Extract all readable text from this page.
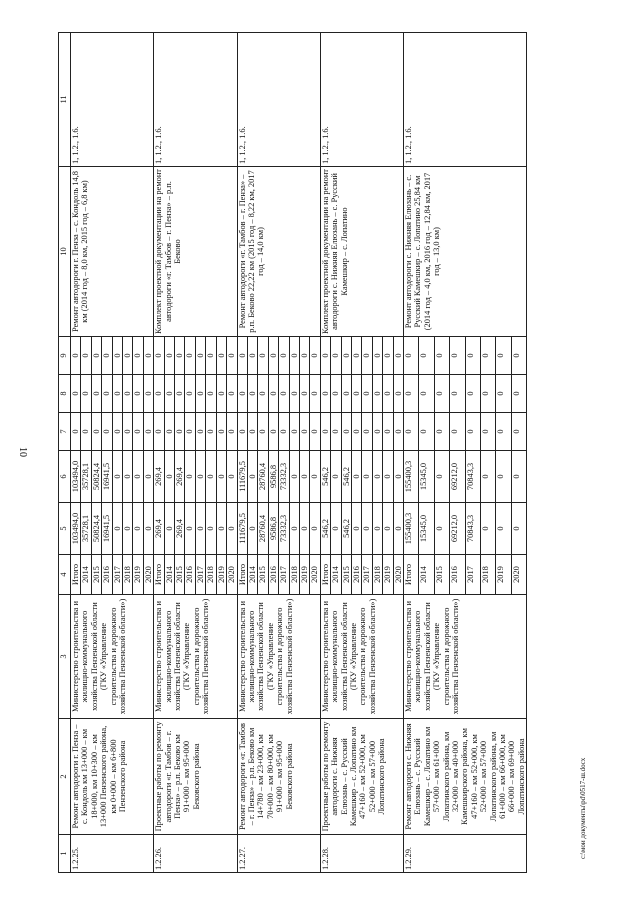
10
1	2	3	4	5	6	7	8	9	10	11
1.2.25.	Ремонт автодороги г. Пенза – с. Кондоль км 13+000 – км 18+000, км 10+300 – км 13+000 Пензенского района, км 0+000 – км 6+800 Пензенского района	Министерство строительства и жилищно-коммунального хозяйства Пензенской области (ГКУ «Управление строительства и дорожного хозяйства Пензенской области»)	Итого	103494,0	103494,0	0	0	0	Ремонт автодороги г. Пенза – с. Кондоль 14,8 км (2014 год – 8,0 км, 2015 год – 6,8 км)	1, 1.2., 1.6.
			2014	35728,1	35728,1	0	0	0		
			2015	50824,4	50824,4	0	0	0		
			2016	16941,5	16941,5	0	0	0		
			2017	0	0	0	0	0		
			2018	0	0	0	0	0		
			2019	0	0	0	0	0		
			2020	0	0	0	0	0		
1.2.26.	Проектные работы по ремонту автодороги «г. Тамбов – г. Пенза» – р.п. Беково км 91+000 – км 95+000 Бековского района	Министерство строительства и жилищно-коммунального хозяйства Пензенской области (ГКУ «Управление строительства и дорожного хозяйства Пензенской области»)	Итого	269,4	269,4	0	0	0	Комплект проектной документации на ремонт автодороги «г. Тамбов – г. Пенза» – р.п. Беково	1, 1.2., 1.6.
			2014	0	0	0	0	0		
			2015	269,4	269,4	0	0	0		
			2016	0	0	0	0	0		
			2017	0	0	0	0	0		
			2018	0	0	0	0	0		
			2019	0	0	0	0	0		
			2020	0	0	0	0	0		
1.2.27.	Ремонт автодороги «г. Тамбов – г. Пенза» – р.п. Беково км 14+780 – км 23+000, км 70+000 – км 80+000, км 91+000 – км 95+000 Бековского района	Министерство строительства и жилищно-коммунального хозяйства Пензенской области (ГКУ «Управление строительства и дорожного хозяйства Пензенской области»)	Итого	111679,5	111679,5	0	0	0	Ремонт автодороги «г. Тамбов – г. Пенза» – р.п. Беково 22,22 км (2015 год – 8,22 км, 2017 год – 14,0 км)	1, 1.2., 1.6.
			2014	0	0	0	0	0		
			2015	28760,4	28760,4	0	0	0		
			2016	9586,8	9586,8	0	0	0		
			2017	73332,3	73332,3	0	0	0		
			2018	0	0	0	0	0		
			2019	0	0	0	0	0		
			2020	0	0	0	0	0		
1.2.28.	Проектные работы по ремонту автодороги с. Нижняя Елюзань – с. Русский Камешкир – с. Лопатино км 47+160 – км 52+000, км 52+000 – км 57+000 Лопатинского района	Министерство строительства и жилищно-коммунального хозяйства Пензенской области (ГКУ «Управление строительства и дорожного хозяйства Пензенской области»)	Итого	546,2	546,2	0	0	0	Комплект проектной документации на ремонт автодороги с. Нижняя Елюзань – с. Русский Камешкир – с. Лопатино	1, 1.2., 1.6.
			2014	0	0	0	0	0		
			2015	546,2	546,2	0	0	0		
			2016	0	0	0	0	0		
			2017	0	0	0	0	0		
			2018	0	0	0	0	0		
			2019	0	0	0	0	0		
			2020	0	0	0	0	0		
1.2.29.	Ремонт автодороги с. Нижняя Елюзань – с. Русский Камешкир – с. Лопатино км 57+000 – км 61+000 Лопатинского района, км 32+000 – км 40+000 Камешкирского района, км 47+160 – км 52+000, км 52+000 – км 57+000 Лопатинского района, км 61+000 – км 66+000, км 66+000 – км 69+000 Лопатинского района	Министерство строительства и жилищно-коммунального хозяйства Пензенской области (ГКУ «Управление строительства и дорожного хозяйства Пензенской области»)	Итого	155400,3	155400,3	0	0	0	Ремонт автодороги с. Нижняя Елюзань – с. Русский Камешкир – с. Лопатино 25,84 км (2014 год – 4,0 км, 2016 год – 12,84 км, 2017 год – 13,0 км)	1, 1.2., 1.6.
			2014	15345,0	15345,0	0	0	0		
			2015	0	0	0	0	0		
			2016	69212,0	69212,0	0	0	0		
			2017	70843,3	70843,3	0	0	0		
			2018	0	0	0	0	0		
			2019	0	0	0	0	0		
			2020	0	0	0	0	0		
c:\мои документы\pd\0517-ш.docx
